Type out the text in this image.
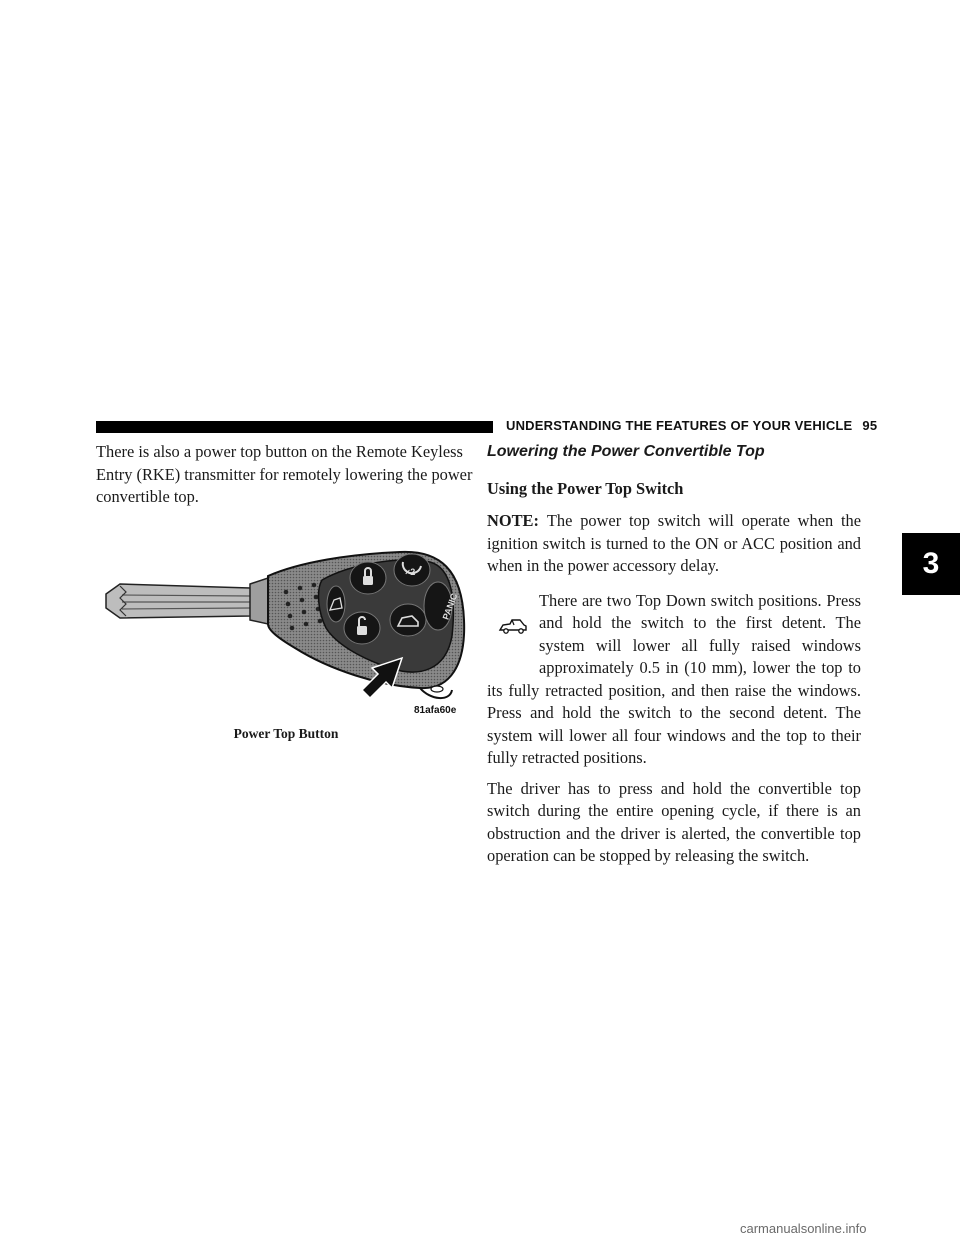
UNDERSTANDING THE FEATURES OF YOUR VEHICLE 95
3

There is also a power top button on the Remote Keyless Entry (RKE) transmitter for remotely lowering the power convertible top.

×2
PANIC
81afa60e
Power Top Button

Lowering the Power Convertible Top

Using the Power Top Switch

NOTE: The power top switch will operate when the ignition switch is turned to the ON or ACC position and when in the power accessory delay.

There are two Top Down switch positions. Press and hold the switch to the first detent. The system will lower all fully raised windows approximately 0.5 in (10 mm), lower the top to its fully retracted position, and then raise the windows. Press and hold the switch to the second detent. The system will lower all four windows and the top to their fully retracted positions.

The driver has to press and hold the convertible top switch during the entire opening cycle, if there is an obstruction and the driver is alerted, the convertible top operation can be stopped by releasing the switch.

carmanualsonline.info
